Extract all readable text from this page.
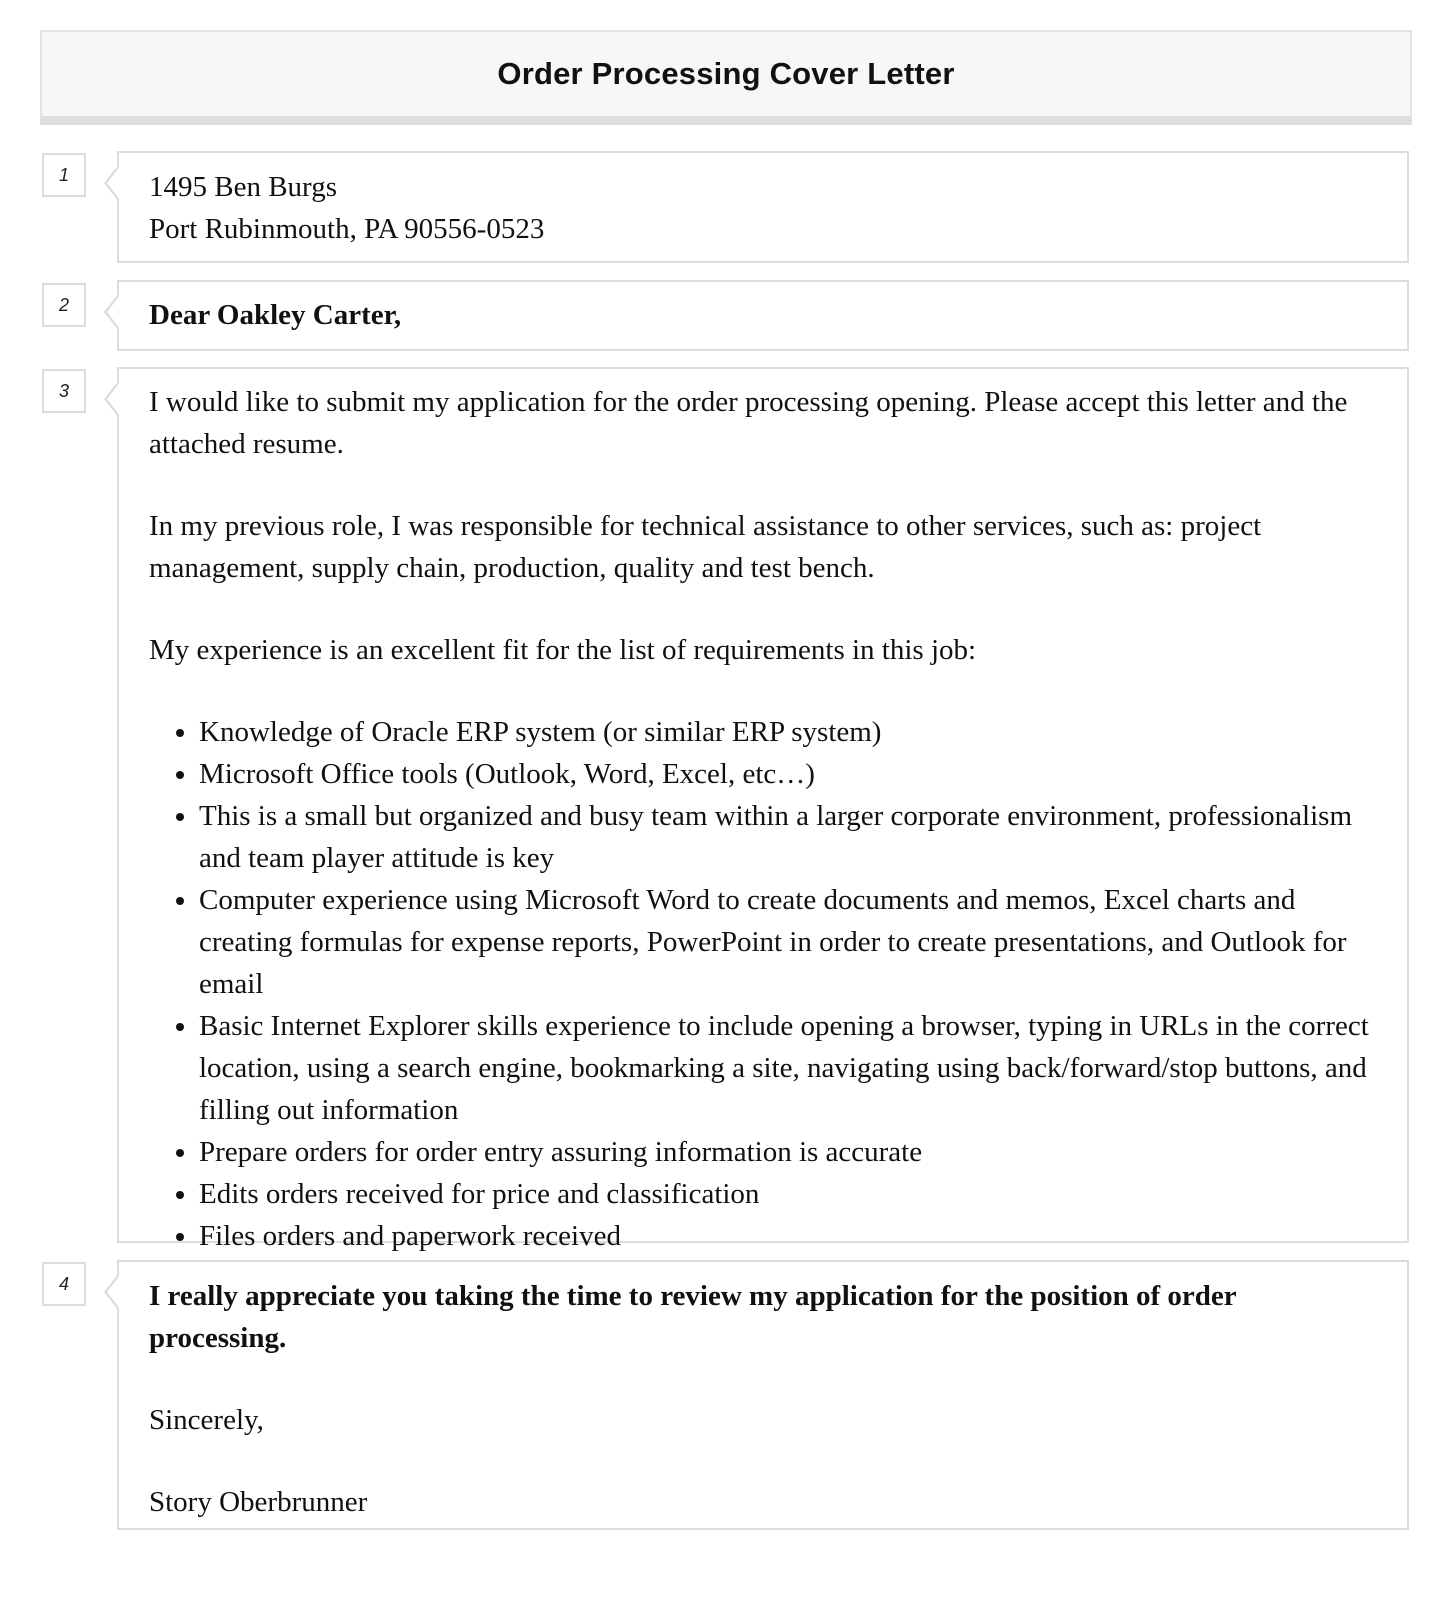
Order Processing Cover Letter
1	1495 Ben Burgs

Port Rubinmouth, PA 90556-0523

2	Dear Oakley Carter,

3	I would like to submit my application for the order processing opening. Please accept this letter and the attached resume.

In my previous role, I was responsible for technical assistance to other services, such as: project management, supply chain, production, quality and test bench.

My experience is an excellent fit for the list of requirements in this job:

• Knowledge of Oracle ERP system (or similar ERP system)
• Microsoft Office tools (Outlook, Word, Excel, etc…)
• This is a small but organized and busy team within a larger corporate environment, professionalism and team player attitude is key
• Computer experience using Microsoft Word to create documents and memos, Excel charts and creating formulas for expense reports, PowerPoint in order to create presentations, and Outlook for email
• Basic Internet Explorer skills experience to include opening a browser, typing in URLs in the correct location, using a search engine, bookmarking a site, navigating using back/forward/stop buttons, and filling out information
• Prepare orders for order entry assuring information is accurate
• Edits orders received for price and classification
• Files orders and paperwork received
4	I really appreciate you taking the time to review my application for the position of order processing.

Sincerely,

Story Oberbrunner
